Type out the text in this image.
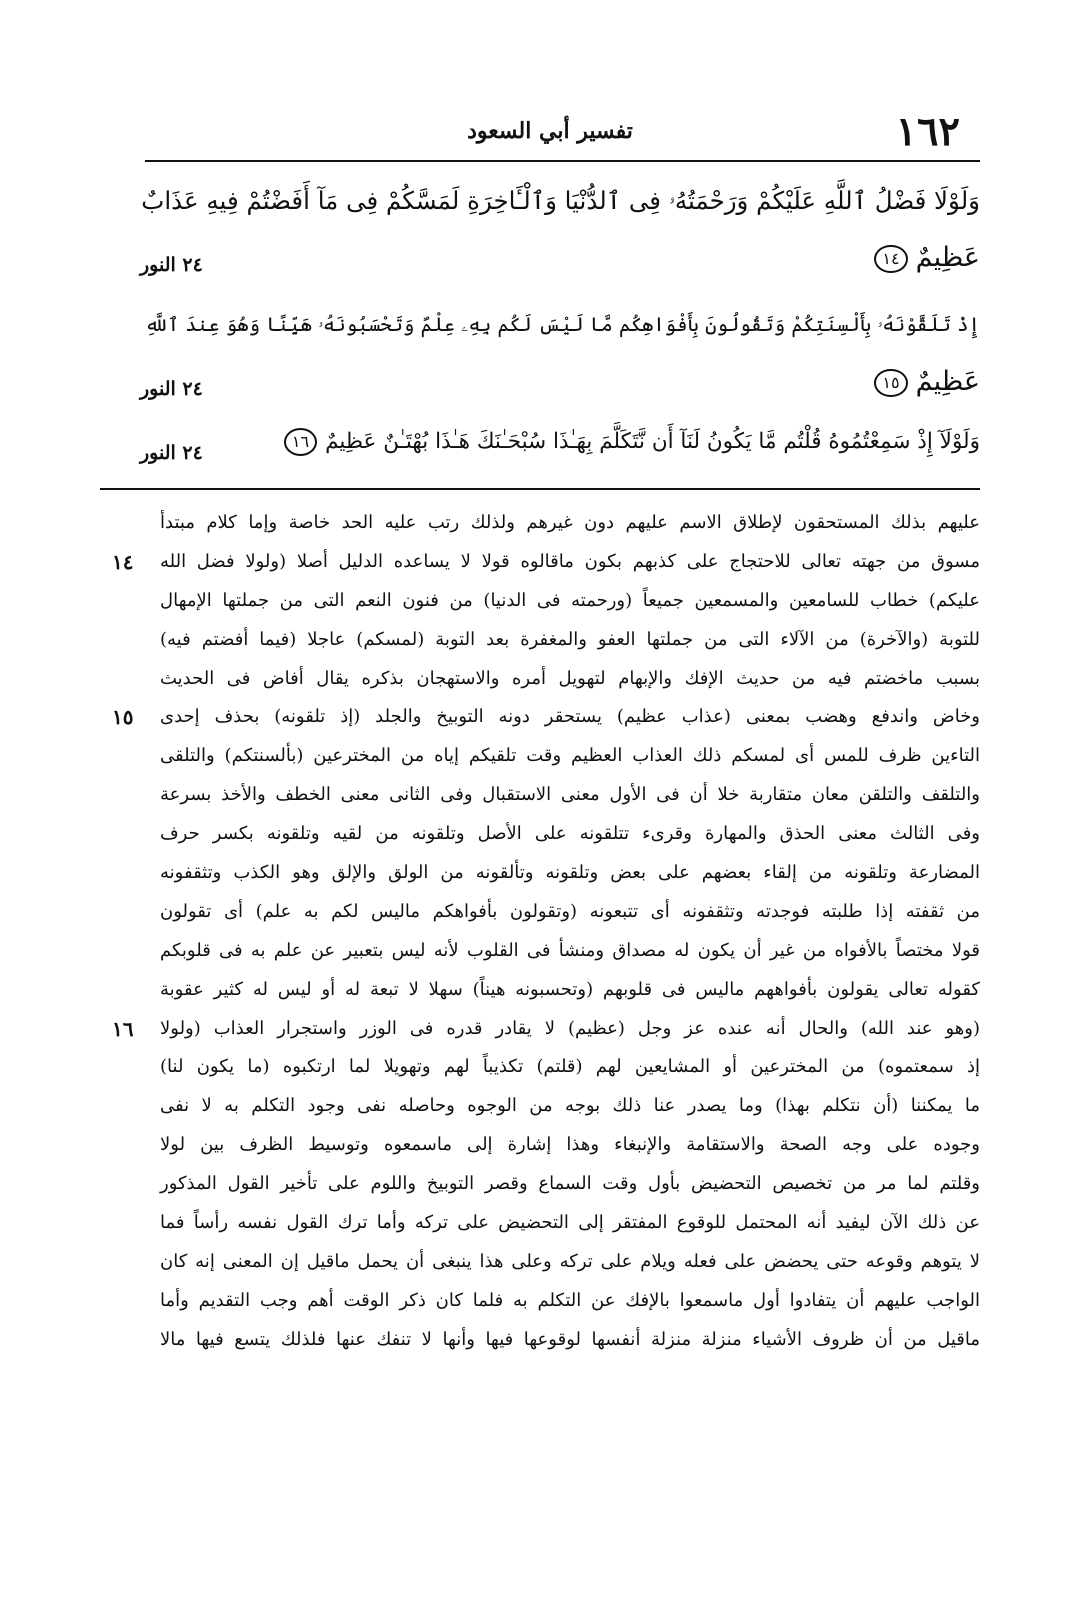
١٦٢
تفسير أبي السعود
وَلَوْلَا فَضْلُ ٱللَّهِ عَلَيْكُمْ وَرَحْمَتُهُۥ فِى ٱلدُّنْيَا وَٱلْـَٔاخِرَةِ لَمَسَّكُمْ فِى مَآ أَفَضْتُمْ فِيهِ عَذَابٌ
عَظِيمٌ١٤
٢٤ النور
إِذْ تَلَقَّوْنَهُۥ بِأَلْسِنَتِكُمْ وَتَقُولُونَ بِأَفْوَاهِكُم مَّا لَيْسَ لَكُم بِهِۦ عِلْمٌ وَتَحْسَبُونَهُۥ هَيِّنًا وَهُوَ عِندَ ٱللَّهِ
عَظِيمٌ١٥
٢٤ النور
وَلَوْلَآ إِذْ سَمِعْتُمُوهُ قُلْتُم مَّا يَكُونُ لَنَآ أَن نَّتَكَلَّمَ بِهَـٰذَا سُبْحَـٰنَكَ هَـٰذَا بُهْتَـٰنٌ عَظِيمٌ١٦
٢٤ النور
عليهم بذلك المستحقون لإطلاق الاسم عليهم دون غيرهم ولذلك رتب عليه الحد خاصة وإما كلام مبتدأ
مسوق من جهته تعالى للاحتجاج على كذبهم بكون ماقالوه قولا لا يساعده الدليل أصلا (ولولا فضل الله
١٤
عليكم) خطاب للسامعين والمسمعين جميعاً (ورحمته فى الدنيا) من فنون النعم التى من جملتها الإمهال
للتوبة (والآخرة) من الآلاء التى من جملتها العفو والمغفرة بعد التوبة (لمسكم) عاجلا (فيما أفضتم فيه)
بسبب ماخضتم فيه من حديث الإفك والإبهام لتهويل أمره والاستهجان بذكره يقال أفاض فى الحديث
وخاض واندفع وهضب بمعنى (عذاب عظيم) يستحقر دونه التوبيخ والجلد (إذ تلقونه) بحذف إحدى
١٥
التاءين ظرف للمس أى لمسكم ذلك العذاب العظيم وقت تلقيكم إياه من المخترعين (بألسنتكم) والتلقى
والتلقف والتلقن معان متقاربة خلا أن فى الأول معنى الاستقبال وفى الثانى معنى الخطف والأخذ بسرعة
وفى الثالث معنى الحذق والمهارة وقرىء تتلقونه على الأصل وتلقونه من لقيه وتلقونه بكسر حرف
المضارعة وتلقونه من إلقاء بعضهم على بعض وتلقونه وتألقونه من الولق والإلق وهو الكذب وتثقفونه
من ثقفته إذا طلبته فوجدته وتثقفونه أى تتبعونه (وتقولون بأفواهكم ماليس لكم به علم) أى تقولون
قولا مختصاً بالأفواه من غير أن يكون له مصداق ومنشأ فى القلوب لأنه ليس بتعبير عن علم به فى قلوبكم
كقوله تعالى يقولون بأفواههم ماليس فى قلوبهم (وتحسبونه هيناً) سهلا لا تبعة له أو ليس له كثير عقوبة
(وهو عند الله) والحال أنه عنده عز وجل (عظيم) لا يقادر قدره فى الوزر واستجرار العذاب (ولولا
١٦
إذ سمعتموه) من المخترعين أو المشايعين لهم (قلتم) تكذيباً لهم وتهويلا لما ارتكبوه (ما يكون لنا)
ما يمكننا (أن نتكلم بهذا) وما يصدر عنا ذلك بوجه من الوجوه وحاصله نفى وجود التكلم به لا نفى
وجوده على وجه الصحة والاستقامة والإنبغاء وهذا إشارة إلى ماسمعوه وتوسيط الظرف بين لولا
وقلتم لما مر من تخصيص التحضيض بأول وقت السماع وقصر التوبيخ واللوم على تأخير القول المذكور
عن ذلك الآن ليفيد أنه المحتمل للوقوع المفتقر إلى التحضيض على تركه وأما ترك القول نفسه رأساً فما
لا يتوهم وقوعه حتى يحضض على فعله ويلام على تركه وعلى هذا ينبغى أن يحمل ماقيل إن المعنى إنه كان
الواجب عليهم أن يتفادوا أول ماسمعوا بالإفك عن التكلم به فلما كان ذكر الوقت أهم وجب التقديم وأما
ماقيل من أن ظروف الأشياء منزلة منزلة أنفسها لوقوعها فيها وأنها لا تنفك عنها فلذلك يتسع فيها مالا
